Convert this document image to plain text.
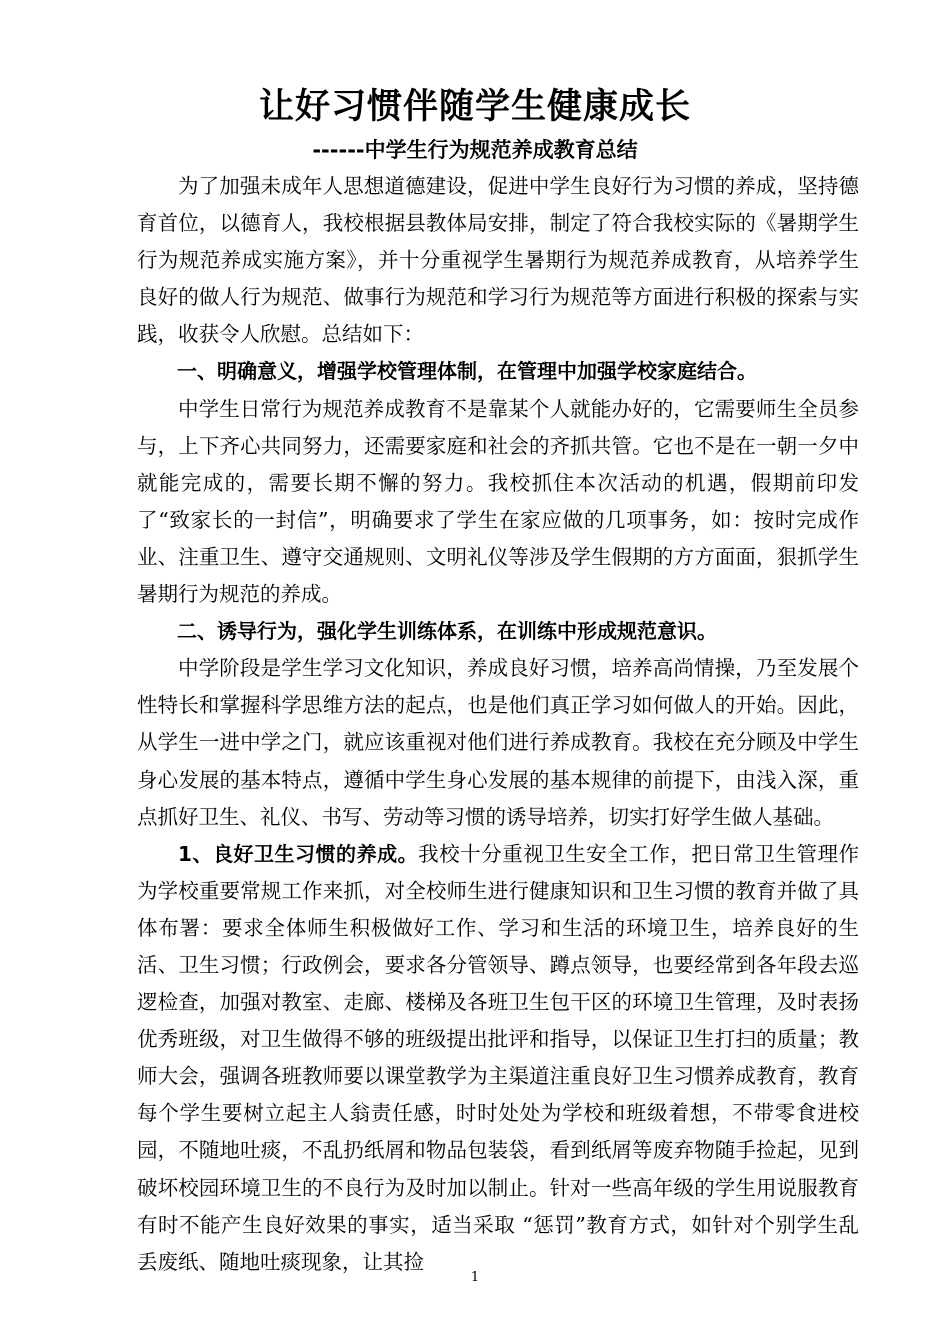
让好习惯伴随学生健康成长
------中学生行为规范养成教育总结

为了加强未成年人思想道德建设，促进中学生良好行为习惯的养成，坚持德育首位，以德育人，我校根据县教体局安排，制定了符合我校实际的《暑期学生行为规范养成实施方案》，并十分重视学生暑期行为规范养成教育，从培养学生良好的做人行为规范、做事行为规范和学习行为规范等方面进行积极的探索与实践，收获令人欣慰。总结如下：

一、明确意义，增强学校管理体制，在管理中加强学校家庭结合。

中学生日常行为规范养成教育不是靠某个人就能办好的，它需要师生全员参与，上下齐心共同努力，还需要家庭和社会的齐抓共管。它也不是在一朝一夕中就能完成的，需要长期不懈的努力。我校抓住本次活动的机遇，假期前印发了“致家长的一封信”，明确要求了学生在家应做的几项事务，如：按时完成作业、注重卫生、遵守交通规则、文明礼仪等涉及学生假期的方方面面，狠抓学生暑期行为规范的养成。

二、诱导行为，强化学生训练体系，在训练中形成规范意识。

中学阶段是学生学习文化知识，养成良好习惯，培养高尚情操，乃至发展个性特长和掌握科学思维方法的起点，也是他们真正学习如何做人的开始。因此，从学生一进中学之门，就应该重视对他们进行养成教育。我校在充分顾及中学生身心发展的基本特点，遵循中学生身心发展的基本规律的前提下，由浅入深，重点抓好卫生、礼仪、书写、劳动等习惯的诱导培养，切实打好学生做人基础。

1、良好卫生习惯的养成。我校十分重视卫生安全工作，把日常卫生管理作为学校重要常规工作来抓，对全校师生进行健康知识和卫生习惯的教育并做了具体布署：要求全体师生积极做好工作、学习和生活的环境卫生，培养良好的生活、卫生习惯；行政例会，要求各分管领导、蹲点领导，也要经常到各年段去巡逻检查，加强对教室、走廊、楼梯及各班卫生包干区的环境卫生管理，及时表扬优秀班级，对卫生做得不够的班级提出批评和指导，以保证卫生打扫的质量；教师大会，强调各班教师要以课堂教学为主渠道注重良好卫生习惯养成教育，教育每个学生要树立起主人翁责任感，时时处处为学校和班级着想，不带零食进校园，不随地吐痰，不乱扔纸屑和物品包装袋，看到纸屑等废弃物随手捡起，见到破坏校园环境卫生的不良行为及时加以制止。针对一些高年级的学生用说服教育有时不能产生良好效果的事实，适当采取 “惩罚”教育方式，如针对个别学生乱丢废纸、随地吐痰现象，让其捡

1
